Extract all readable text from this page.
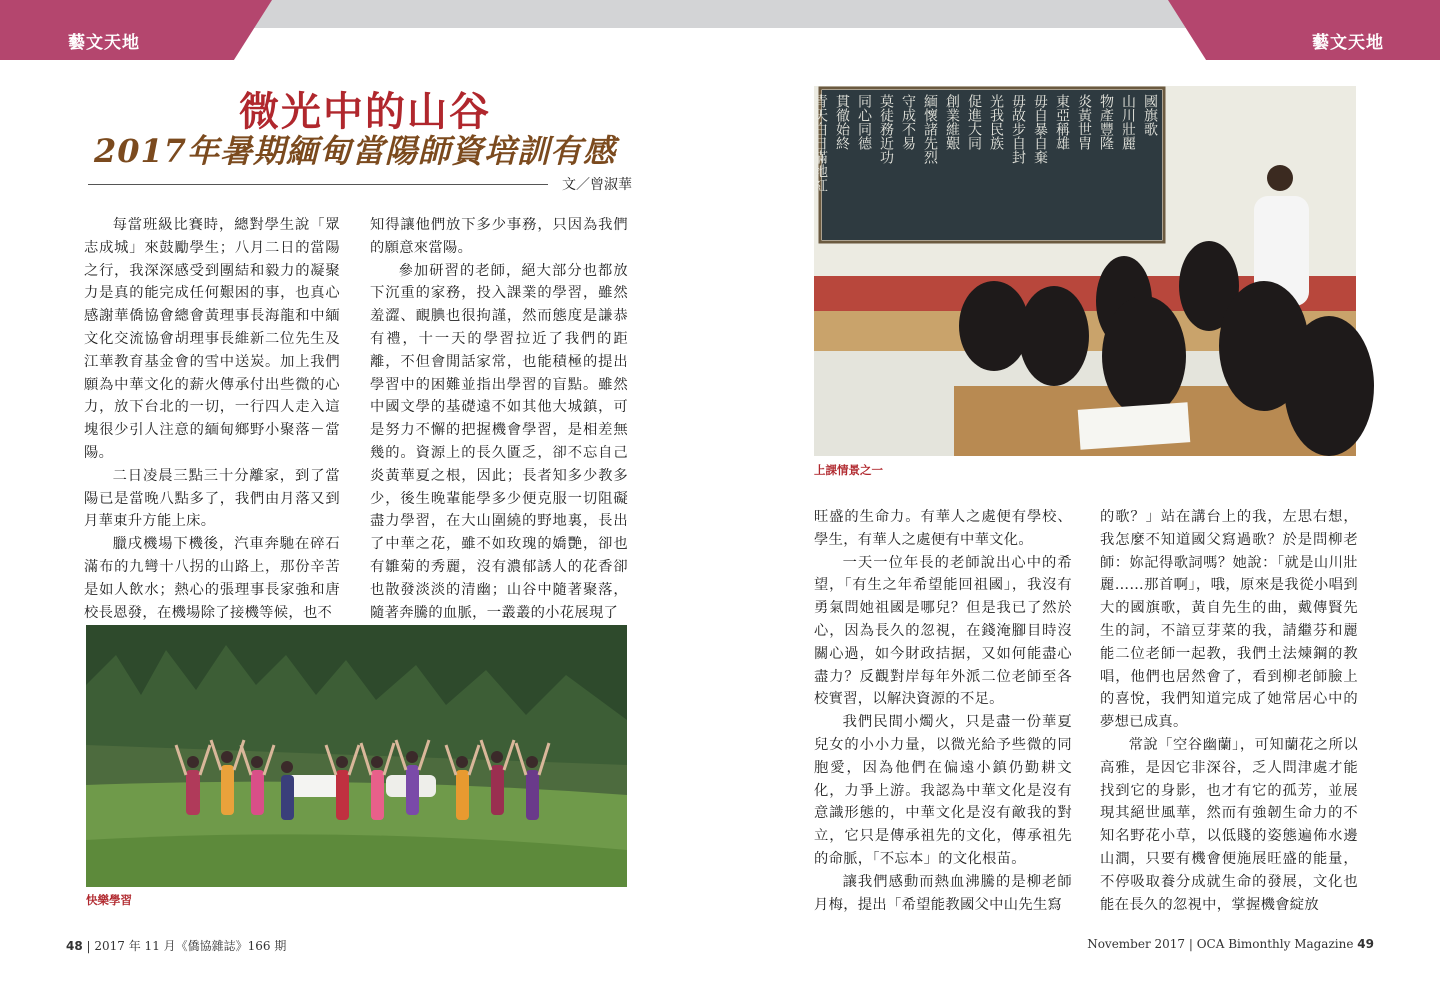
藝文天地	藝文天地
微光中的山谷
2017年暑期緬甸當陽師資培訓有感
文／曾淑華

每當班級比賽時，總對學生說「眾志成城」來鼓勵學生；八月二日的當陽之行，我深深感受到團結和毅力的凝聚力是真的能完成任何艱困的事，也真心感謝華僑協會總會黃理事長海龍和中緬文化交流協會胡理事長維新二位先生及江華教育基金會的雪中送炭。加上我們願為中華文化的薪火傳承付出些微的心力，放下台北的一切，一行四人走入這塊很少引人注意的緬甸鄉野小聚落－當陽。

二日凌晨三點三十分離家，到了當陽已是當晚八點多了，我們由月落又到月華東升方能上床。

臘戌機場下機後，汽車奔馳在碎石滿布的九彎十八拐的山路上，那份辛苦是如人飲水；熱心的張理事長家強和唐校長恩發，在機場除了接機等候，也不

知得讓他們放下多少事務，只因為我們的願意來當陽。

參加研習的老師，絕大部分也都放下沉重的家務，投入課業的學習，雖然羞澀、靦腆也很拘謹，然而態度是謙恭有禮，十一天的學習拉近了我們的距離，不但會閒話家常，也能積極的提出學習中的困難並指出學習的盲點。雖然中國文學的基礎遠不如其他大城鎮，可是努力不懈的把握機會學習，是相差無幾的。資源上的長久匱乏，卻不忘自己炎黃華夏之根，因此；長者知多少教多少，後生晚輩能學多少便克服一切阻礙盡力學習，在大山圍繞的野地裏，長出了中華之花，雖不如玫瑰的嬌艷，卻也有雛菊的秀麗，沒有濃郁誘人的花香卻也散發淡淡的清幽；山谷中隨著聚落，隨著奔騰的血脈，一叢叢的小花展現了

快樂學習
國旗歌
山川壯麗
物產豐隆
炎黃世胄
東亞稱雄
毋自暴自棄
毋故步自封
光我民族
促進大同
創業維艱
緬懷諸先烈
守成不易
莫徒務近功
同心同德
貫徹始終
青天白日滿地紅
上課情景之一

旺盛的生命力。有華人之處便有學校、學生，有華人之處便有中華文化。

一天一位年長的老師說出心中的希望，「有生之年希望能回祖國」，我沒有勇氣問她祖國是哪兒？但是我已了然於心，因為長久的忽視，在錢淹腳目時沒關心過，如今財政拮据，又如何能盡心盡力？反觀對岸每年外派二位老師至各校實習，以解決資源的不足。

我們民間小燭火，只是盡一份華夏兒女的小小力量，以微光給予些微的同胞愛，因為他們在偏遠小鎮仍勤耕文化，力爭上游。我認為中華文化是沒有意識形態的，中華文化是沒有敵我的對立，它只是傳承祖先的文化，傳承祖先的命脈，「不忘本」的文化根苗。

讓我們感動而熱血沸騰的是柳老師月梅，提出「希望能教國父中山先生寫

的歌？」站在講台上的我，左思右想，我怎麼不知道國父寫過歌？於是問柳老師：妳記得歌詞嗎？她說：「就是山川壯麗……那首啊」，哦，原來是我從小唱到大的國旗歌，黃自先生的曲，戴傳賢先生的詞，不諳豆芽菜的我，請繼芬和麗能二位老師一起教，我們土法煉鋼的教唱，他們也居然會了，看到柳老師臉上的喜悅，我們知道完成了她常居心中的夢想已成真。

常說「空谷幽蘭」，可知蘭花之所以高雅，是因它非深谷，乏人問津處才能找到它的身影，也才有它的孤芳，並展現其絕世風華，然而有強韌生命力的不知名野花小草，以低賤的姿態遍佈水邊山澗，只要有機會便施展旺盛的能量，不停吸取養分成就生命的發展，文化也能在長久的忽視中，掌握機會綻放

48 | 2017 年 11 月《僑協雜誌》166 期	November 2017 | OCA Bimonthly Magazine 49
